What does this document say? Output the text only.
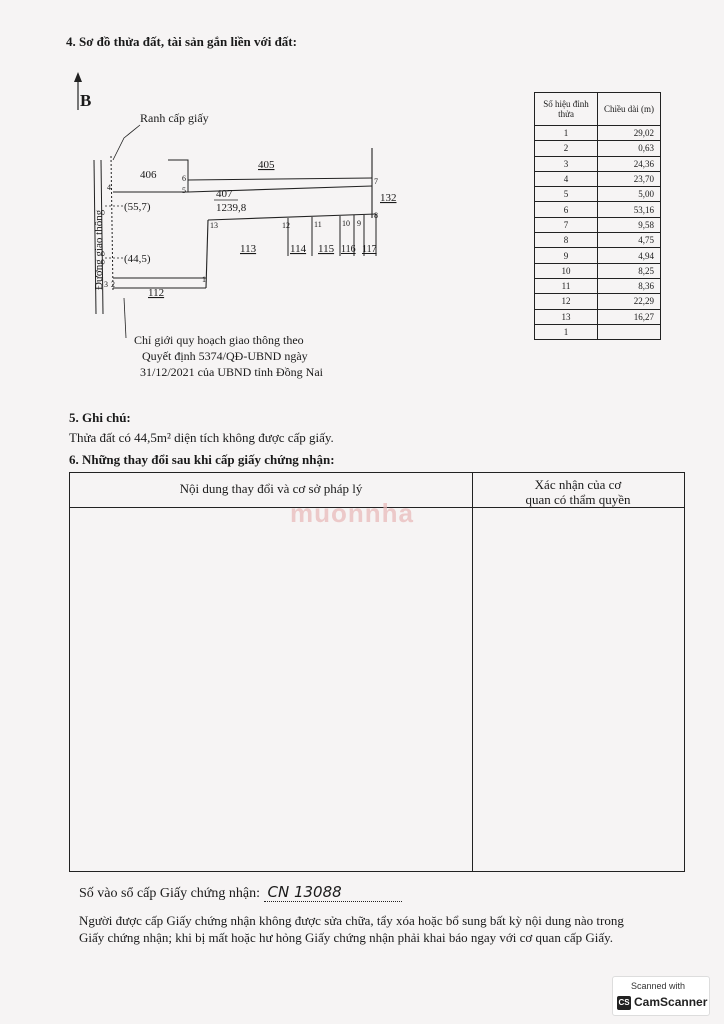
4. Sơ đồ thửa đất, tài sản gắn liền với đất:
B
Ranh cấp giấy
Đường giao thông
406
405
407
1239,8
132
113	114 115 116 117
112
(55,7)
(44,5)
6
5
4
7
8
13	12	11	10 9
3 2
1
Chỉ giới quy hoạch giao thông theo
Quyết định 5374/QĐ-UBND ngày
31/12/2021 của UBND tỉnh Đồng Nai
Số hiệu đỉnh thửa	Chiều dài (m)
1	29,02
2	0,63
3	24,36
4	23,70
5	5,00
6	53,16
7	9,58
8	4,75
9	4,94
10	8,25
11	8,36
12	22,29
13	16,27
1	
5. Ghi chú:
Thửa đất có 44,5m² diện tích không được cấp giấy.
6. Những thay đổi sau khi cấp giấy chứng nhận:
Nội dung thay đổi và cơ sở pháp lý	Xác nhận của cơ
quan có thẩm quyền
muonnha
Số vào sổ cấp Giấy chứng nhận: CN 13088
Người được cấp Giấy chứng nhận không được sửa chữa, tẩy xóa hoặc bổ sung bất kỳ nội dung nào trong
Giấy chứng nhận; khi bị mất hoặc hư hỏng Giấy chứng nhận phải khai báo ngay với cơ quan cấp Giấy.
Scanned with
CS CamScanner
